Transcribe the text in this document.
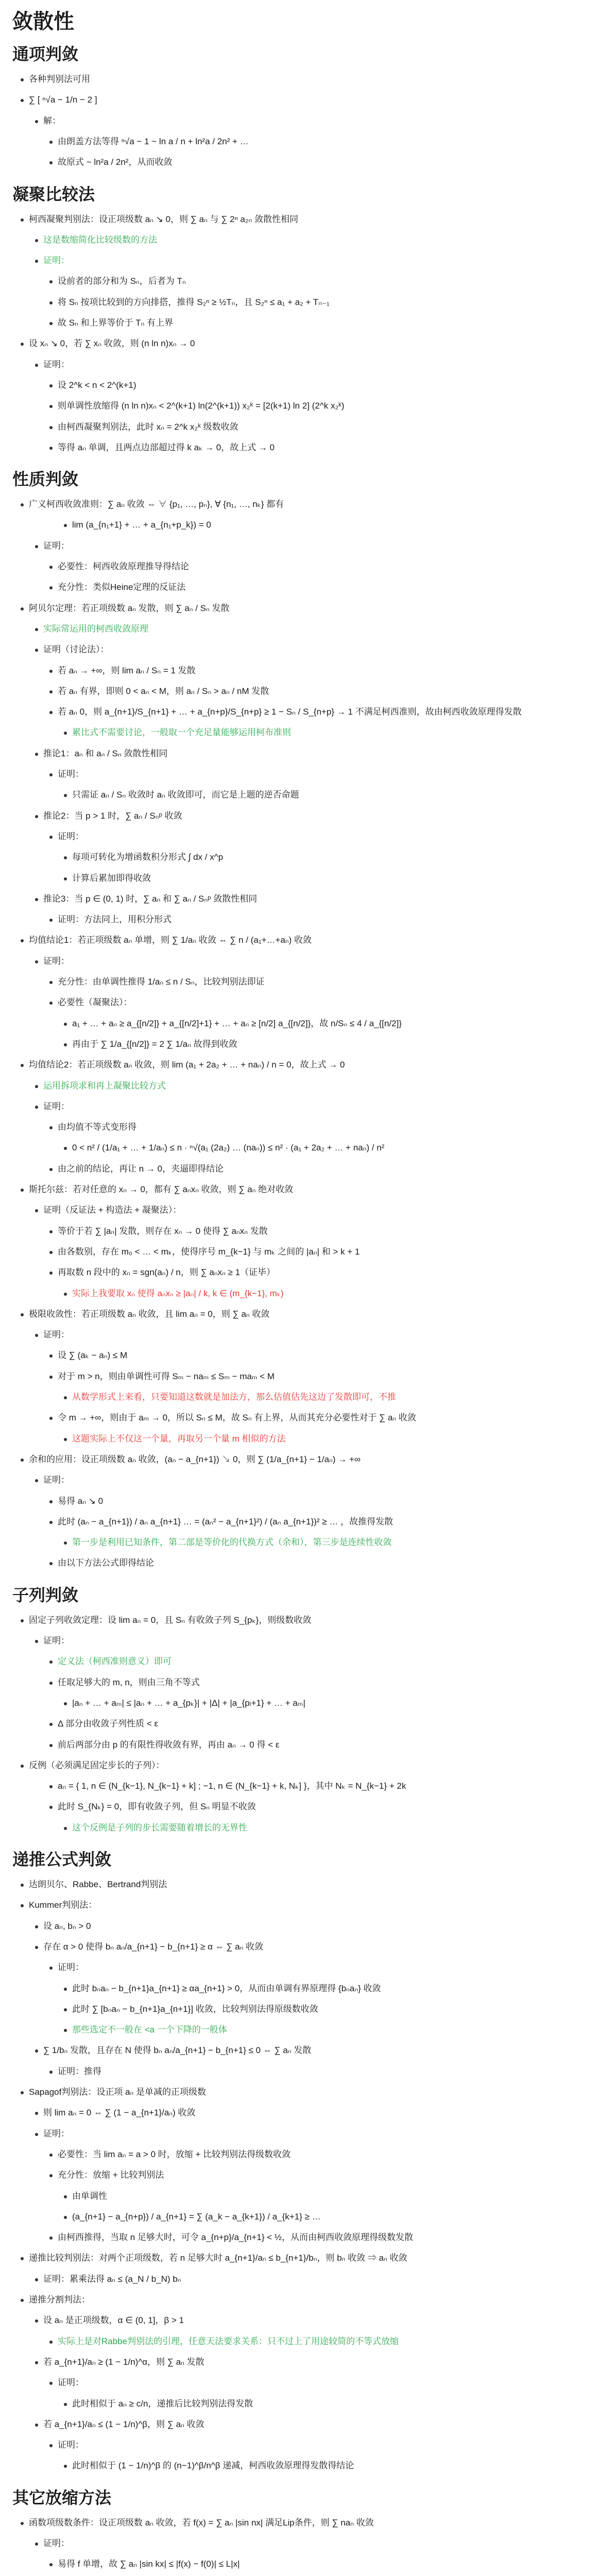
敛散性
通项判敛
各种判别法可用
∑ [ ⁿ√a − 1/n − 2 ]
解：
由朗盖方法等得 ⁿ√a − 1 ~ ln a / n + ln²a / 2n² + …
故原式 ~ ln²a / 2n²，从而收敛
凝聚比较法
柯西凝聚判别法：设正项级数 aₙ ↘ 0，则 ∑ aₙ 与 ∑ 2ⁿ a₂ₙ 敛散性相同
这是数缩简化比较级数的方法
证明：
设前者的部分和为 Sₙ，后者为 Tₙ
将 Sₙ 按项比较到的方向排搭，推得 S₂ⁿ ≥ ½Tₙ，且 S₂ⁿ ≤ a₁ + a₂ + Tₙ₋₁
故 Sₙ 和上界等价于 Tₙ 有上界
设 xₙ ↘ 0，若 ∑ xₙ 收敛，则 (n ln n)xₙ → 0
证明：
设 2^k < n < 2^(k+1)
则单调性放缩得 (n ln n)xₙ < 2^(k+1) ln(2^(k+1)) x₂ᵏ = [2(k+1) ln 2] (2^k x₂ᵏ)
由柯西凝聚判别法，此时 xₙ = 2^k x₂ᵏ 级数收敛
等得 aₙ 单调，且两点边部超过得 k aₖ → 0，故上式 → 0
性质判敛
广义柯西收敛准则：∑ aₙ 收敛 ⇔ ∀ {p₁, …, pₙ}, ∀ {n₁, …, nₖ} 都有
lim (a_{n₁+1} + … + a_{n₁+p_k}) = 0
证明：
必要性：柯西收敛原理推导得结论
充分性：类似Heine定理的反证法
阿贝尔定理：若正项级数 aₙ 发散，则 ∑ aₙ / Sₙ 发散
实际常运用的柯西收敛原理
证明（讨论法）：
若 aₙ → +∞，则 lim aₙ / Sₙ = 1 发散
若 aₙ 有界，即则 0 < aₙ < M，则 aₙ / Sₙ > aₙ / nM 发散
若 aₙ 0，则 a_{n+1}/S_{n+1} + … + a_{n+p}/S_{n+p} ≥ 1 − Sₙ / S_{n+p} → 1 不满足柯西准则，故由柯西收敛原理得发散
累比式不需要讨论，一般取一个充足量能够运用柯布准则
推论1：aₙ 和 aₙ / Sₙ 敛散性相同
证明：
只需证 aₙ / Sₙ 收敛时 aₙ 收敛即可，而它是上题的逆否命题
推论2：当 p > 1 时，∑ aₙ / Sₙᵖ 收敛
证明：
每项可转化为增函数积分形式 ∫ dx / x^p
计算后累加即得收敛
推论3：当 p ∈ (0, 1) 时，∑ aₙ 和 ∑ aₙ / Sₙᵖ 敛散性相同
证明：方法同上，用积分形式
均值结论1：若正项级数 aₙ 单增，则 ∑ 1/aₙ 收敛 ⇔ ∑ n / (a₁+…+aₙ) 收敛
证明：
充分性：由单调性推得 1/aₙ ≤ n / Sₙ，比较判别法即证
必要性（凝聚法）：
a₁ + … + aₙ ≥ a_{[n/2]} + a_{[n/2]+1} + … + aₙ ≥ [n/2] a_{[n/2]}，故 n/Sₙ ≤ 4 / a_{[n/2]}
再由于 ∑ 1/a_{[n/2]} = 2 ∑ 1/aₙ 故得到收敛
均值结论2：若正项级数 aₙ 收敛，则 lim (a₁ + 2a₂ + … + naₙ) / n = 0，故上式 → 0
运用拆项求和再上凝聚比较方式
证明：
由均值不等式变形得
0 < n² / (1/a₁ + … + 1/aₙ) ≤ n · ⁿ√(a₁ (2a₂) … (naₙ)) ≤ n² · (a₁ + 2a₂ + … + naₙ) / n²
由之前的结论，再让 n → 0，夹逼即得结论
斯托尔兹：若对任意的 xₙ → 0，都有 ∑ aₙxₙ 收敛，则 ∑ aₙ 绝对收敛
证明（反证法 + 构造法 + 凝聚法）：
等价于若 ∑ |aₙ| 发散，则存在 xₙ → 0 使得 ∑ aₙxₙ 发散
由各数别，存在 m₀ < … < mₖ，使得序号 m_{k−1} 与 mₖ 之间的 |aₙ| 和 > k + 1
再取数 n 段中的 xₙ = sgn(aₙ) / n，则 ∑ aₙxₙ ≥ 1（证毕）
实际上我要取 xₙ 使得 aₙxₙ ≥ |aₙ| / k, k ∈ (m_{k−1}, mₖ)
极限收敛性：若正项级数 aₙ 收敛，且 lim aₙ = 0，则 ∑ aₙ 收敛
证明：
设 ∑ (aₖ − aₙ) ≤ M
对于 m > n，则由单调性可得 Sₘ − naₘ ≤ Sₘ − maₘ < M
从数学形式上来看，只要知道这数就是加法方，那么估值估先这边了发散即可，不推
令 m → +∞，则由于 aₘ → 0，所以 Sₙ ≤ M，故 Sₙ 有上界，从而其充分必要性对于 ∑ aₙ 收敛
这题实际上不仅这一个量，再取另一个量 m 相似的方法
余和的应用：设正项级数 aₙ 收敛，(aₙ − a_{n+1}) ↘ 0，则 ∑ (1/a_{n+1} − 1/aₙ) → +∞
证明：
易得 aₙ ↘ 0
此时 (aₙ − a_{n+1}) / aₙ a_{n+1} … = (aₙ² − a_{n+1}²) / (aₙ a_{n+1})² ≥ … ，故推得发散
第一步是利用已知条件，第二部是等价化的代换方式（余和），第三步是连续性收敛
由以下方法公式即得结论
子列判敛
固定子列收敛定理：设 lim aₙ = 0，且 Sₙ 有收敛子列 S_{pₖ}，则级数收敛
证明：
定义法（柯西准则意义）即可
任取足够大的 m, n，则由三角不等式
|aₙ + … + aₘ| ≤ |aₙ + … + a_{pₖ}| + |Δ| + |a_{pₗ+1} + … + aₘ|
Δ 部分由收敛子列性质 < ε
前后两部分由 p 的有限性得收敛有界，再由 aₙ → 0 得 < ε
反例（必须满足固定步长的子列）：
aₙ = { 1, n ∈ (N_{k−1}, N_{k−1} + k] ; −1, n ∈ (N_{k−1} + k, Nₖ] }，其中 Nₖ = N_{k−1} + 2k
此时 S_{Nₖ} = 0，即有收敛子列，但 Sₙ 明显不收敛
这个反例是子列的步长需要随着增长的无界性
递推公式判敛
达朗贝尔、Rabbe、Bertrand判别法
Kummer判别法：
设 aₙ, bₙ > 0
存在 α > 0 使得 bₙ aₙ/a_{n+1} − b_{n+1} ≥ α ⇔ ∑ aₙ 收敛
证明：
此时 bₙaₙ − b_{n+1}a_{n+1} ≥ αa_{n+1} > 0，从而由单调有界原理得 {bₙaₙ} 收敛
此时 ∑ [bₙaₙ − b_{n+1}a_{n+1}] 收敛，比较判别法得原级数收敛
那些选定不一般在 <a 一个下降的一般体
∑ 1/bₙ 发散，且存在 N 使得 bₙ aₙ/a_{n+1} − b_{n+1} ≤ 0 ⇔ ∑ aₙ 发散
证明：推得
Sapagof判别法：设正项 aₙ 是单减的正项级数
则 lim aₙ = 0 ⇔ ∑ (1 − a_{n+1}/aₙ) 收敛
证明：
必要性：当 lim aₙ = a > 0 时，放缩 + 比较判别法得级数收敛
充分性：放缩 + 比较判别法
由单调性
(a_{n+1} − a_{n+p}) / a_{n+1} = ∑ (a_k − a_{k+1}) / a_{k+1} ≥ …
由柯西推得，当取 n 足够大时，可令 a_{n+p}/a_{n+1} < ½，从而由柯西收敛原理得级数发散
递推比较判别法：对两个正项级数，若 n 足够大时 a_{n+1}/aₙ ≤ b_{n+1}/bₙ，则 bₙ 收敛 ⇒ aₙ 收敛
证明：累乘法得 aₙ ≤ (a_N / b_N) bₙ
递推分割判法：
设 aₙ 是正项级数，α ∈ (0, 1]，β > 1
实际上是对Rabbe判别法的引理，任意天法要求关系：只不过上了用途较简的不等式放缩
若 a_{n+1}/aₙ ≥ (1 − 1/n)^α，则 ∑ aₙ 发散
证明：
此时相似于 aₙ ≥ c/n，递推后比较判别法得发散
若 a_{n+1}/aₙ ≤ (1 − 1/n)^β，则 ∑ aₙ 收敛
证明：
此时相似于 (1 − 1/n)^β 的 (n−1)^β/n^β 递减，柯西收敛原理得发散得结论
其它放缩方法
函数项级数条件：设正项级数 aₙ 收敛，若 f(x) = ∑ aₙ |sin nx| 满足Lip条件，则 ∑ naₙ 收敛
证明：
易得 f 单增，故 ∑ aₙ |sin kx| ≤ |f(x) − f(0)| ≤ L|x|
